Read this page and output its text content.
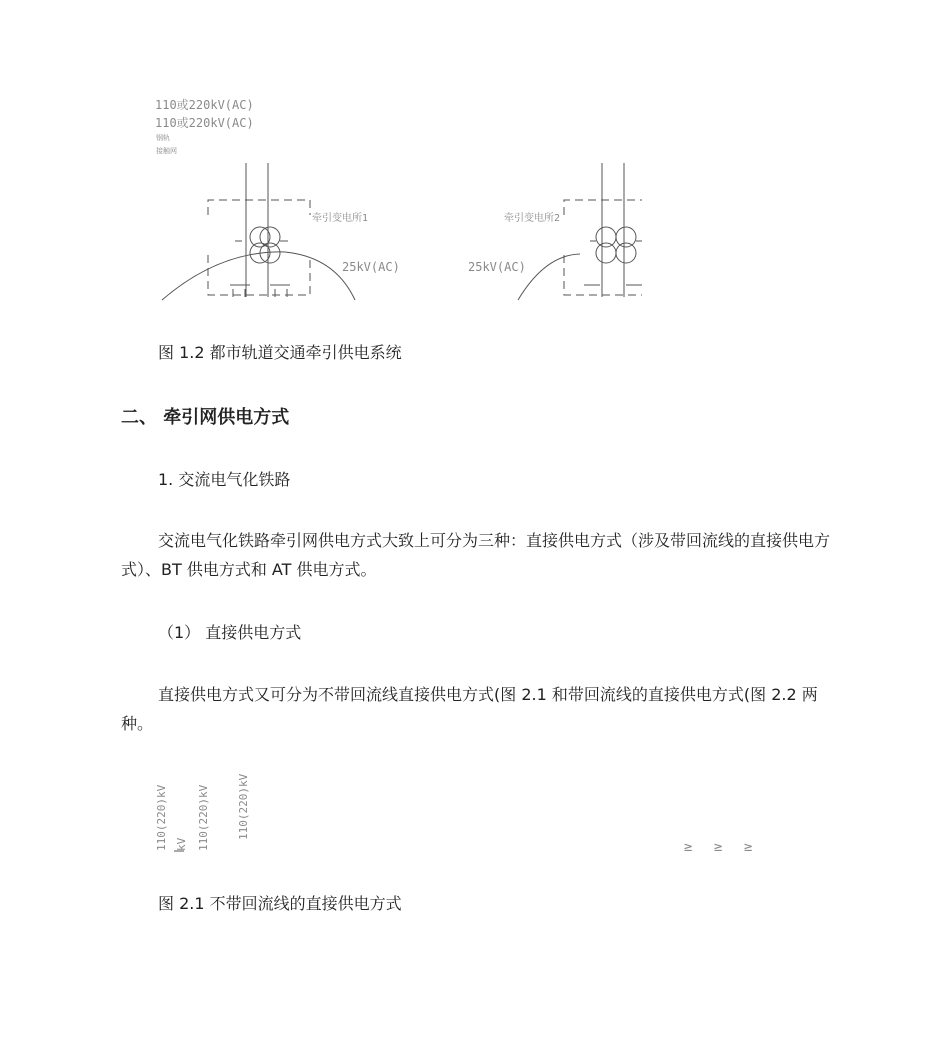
110或220kV(AC)
110或220kV(AC)
钢轨
接触网
牵引变电所1	牵引变电所2
25kV(AC)	25kV(AC)
图 1.2 都市轨道交通牵引供电系统
二、 牵引网供电方式
1. 交流电气化铁路
交流电气化铁路牵引网供电方式大致上可分为三种：直接供电方式（涉及带回流线的直接供电方式）、BT 供电方式和 AT 供电方式。
（1） 直接供电方式
直接供电方式又可分为不带回流线直接供电方式(图 2.1 和带回流线的直接供电方式(图 2.2 两种。
110(220)kV	110(220)kV 110(220)kV
kV	≥ ≥ ≥
图 2.1 不带回流线的直接供电方式
